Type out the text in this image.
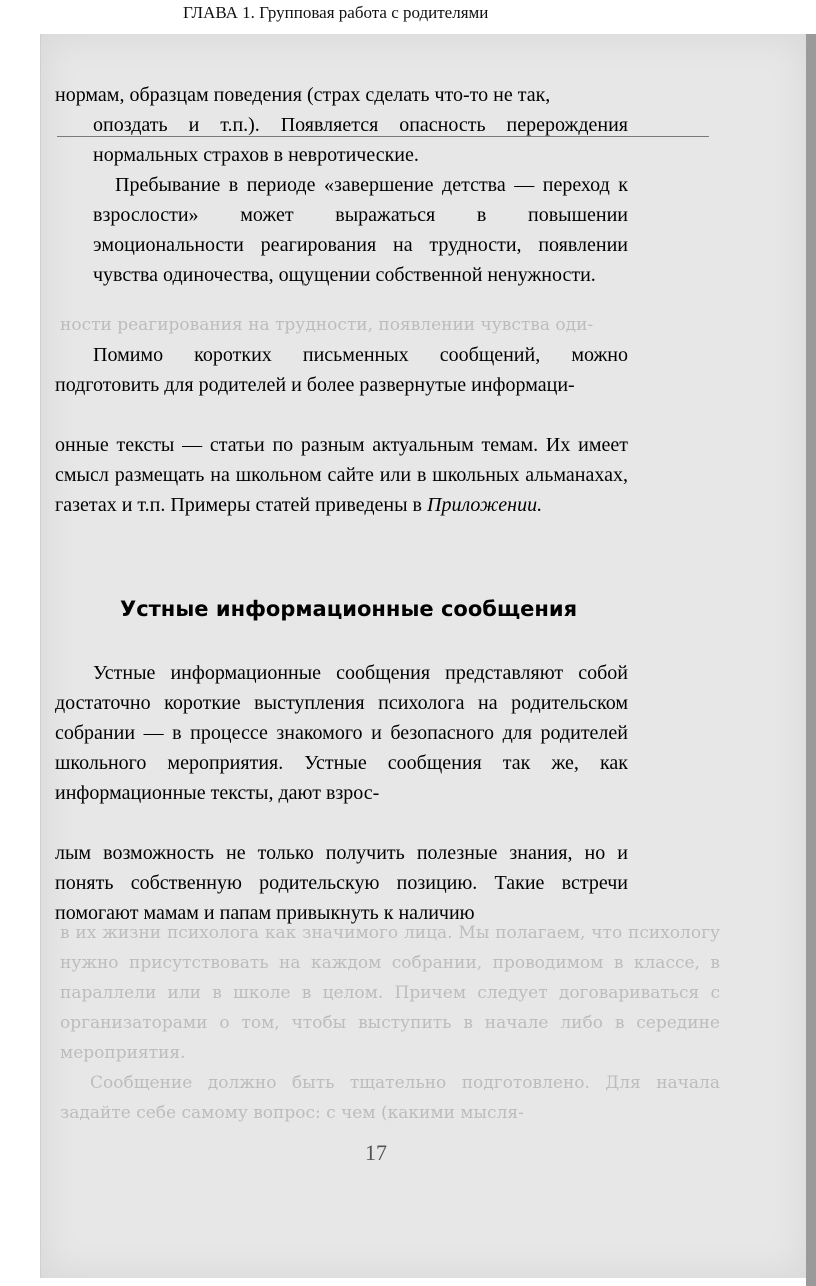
ГЛАВА 1. Групповая работа с родителями
ности реагирования на трудности, появлении чувства оди-
в их жизни психолога как значимого лица. Мы полагаем, что психологу нужно присутствовать на каждом собрании, проводимом в классе, в параллели или в школе в целом. Причем следует договариваться с организаторами о том, чтобы выступить в начале либо в середине мероприятия.
Сообщение должно быть тщательно подготовлено. Для начала задайте себе самому вопрос: с чем (какими мысля-
17
нормам, образцам поведения (страх сделать что-то не так,
опоздать и т.п.). Появляется опасность перерождения нормальных страхов в невротические.
Пребывание в периоде «завершение детства — переход к взрослости» может выражаться в повышении эмоциональности реагирования на трудности, появлении чувства одиночества, ощущении собственной ненужности.
Помимо коротких письменных сообщений, можно подготовить для родителей и более развернутые информаци-
онные тексты — статьи по разным актуальным темам. Их имеет смысл размещать на школьном сайте или в школьных альманахах, газетах и т.п. Примеры статей приведены в Приложении.
Устные информационные сообщения
Устные информационные сообщения представляют собой достаточно короткие выступления психолога на родительском собрании — в процессе знакомого и безопасного для родителей школьного мероприятия. Устные сообщения так же, как информационные тексты, дают взрос-
лым возможность не только получить полезные знания, но и понять собственную родительскую позицию. Такие встречи помогают мамам и папам привыкнуть к наличию
